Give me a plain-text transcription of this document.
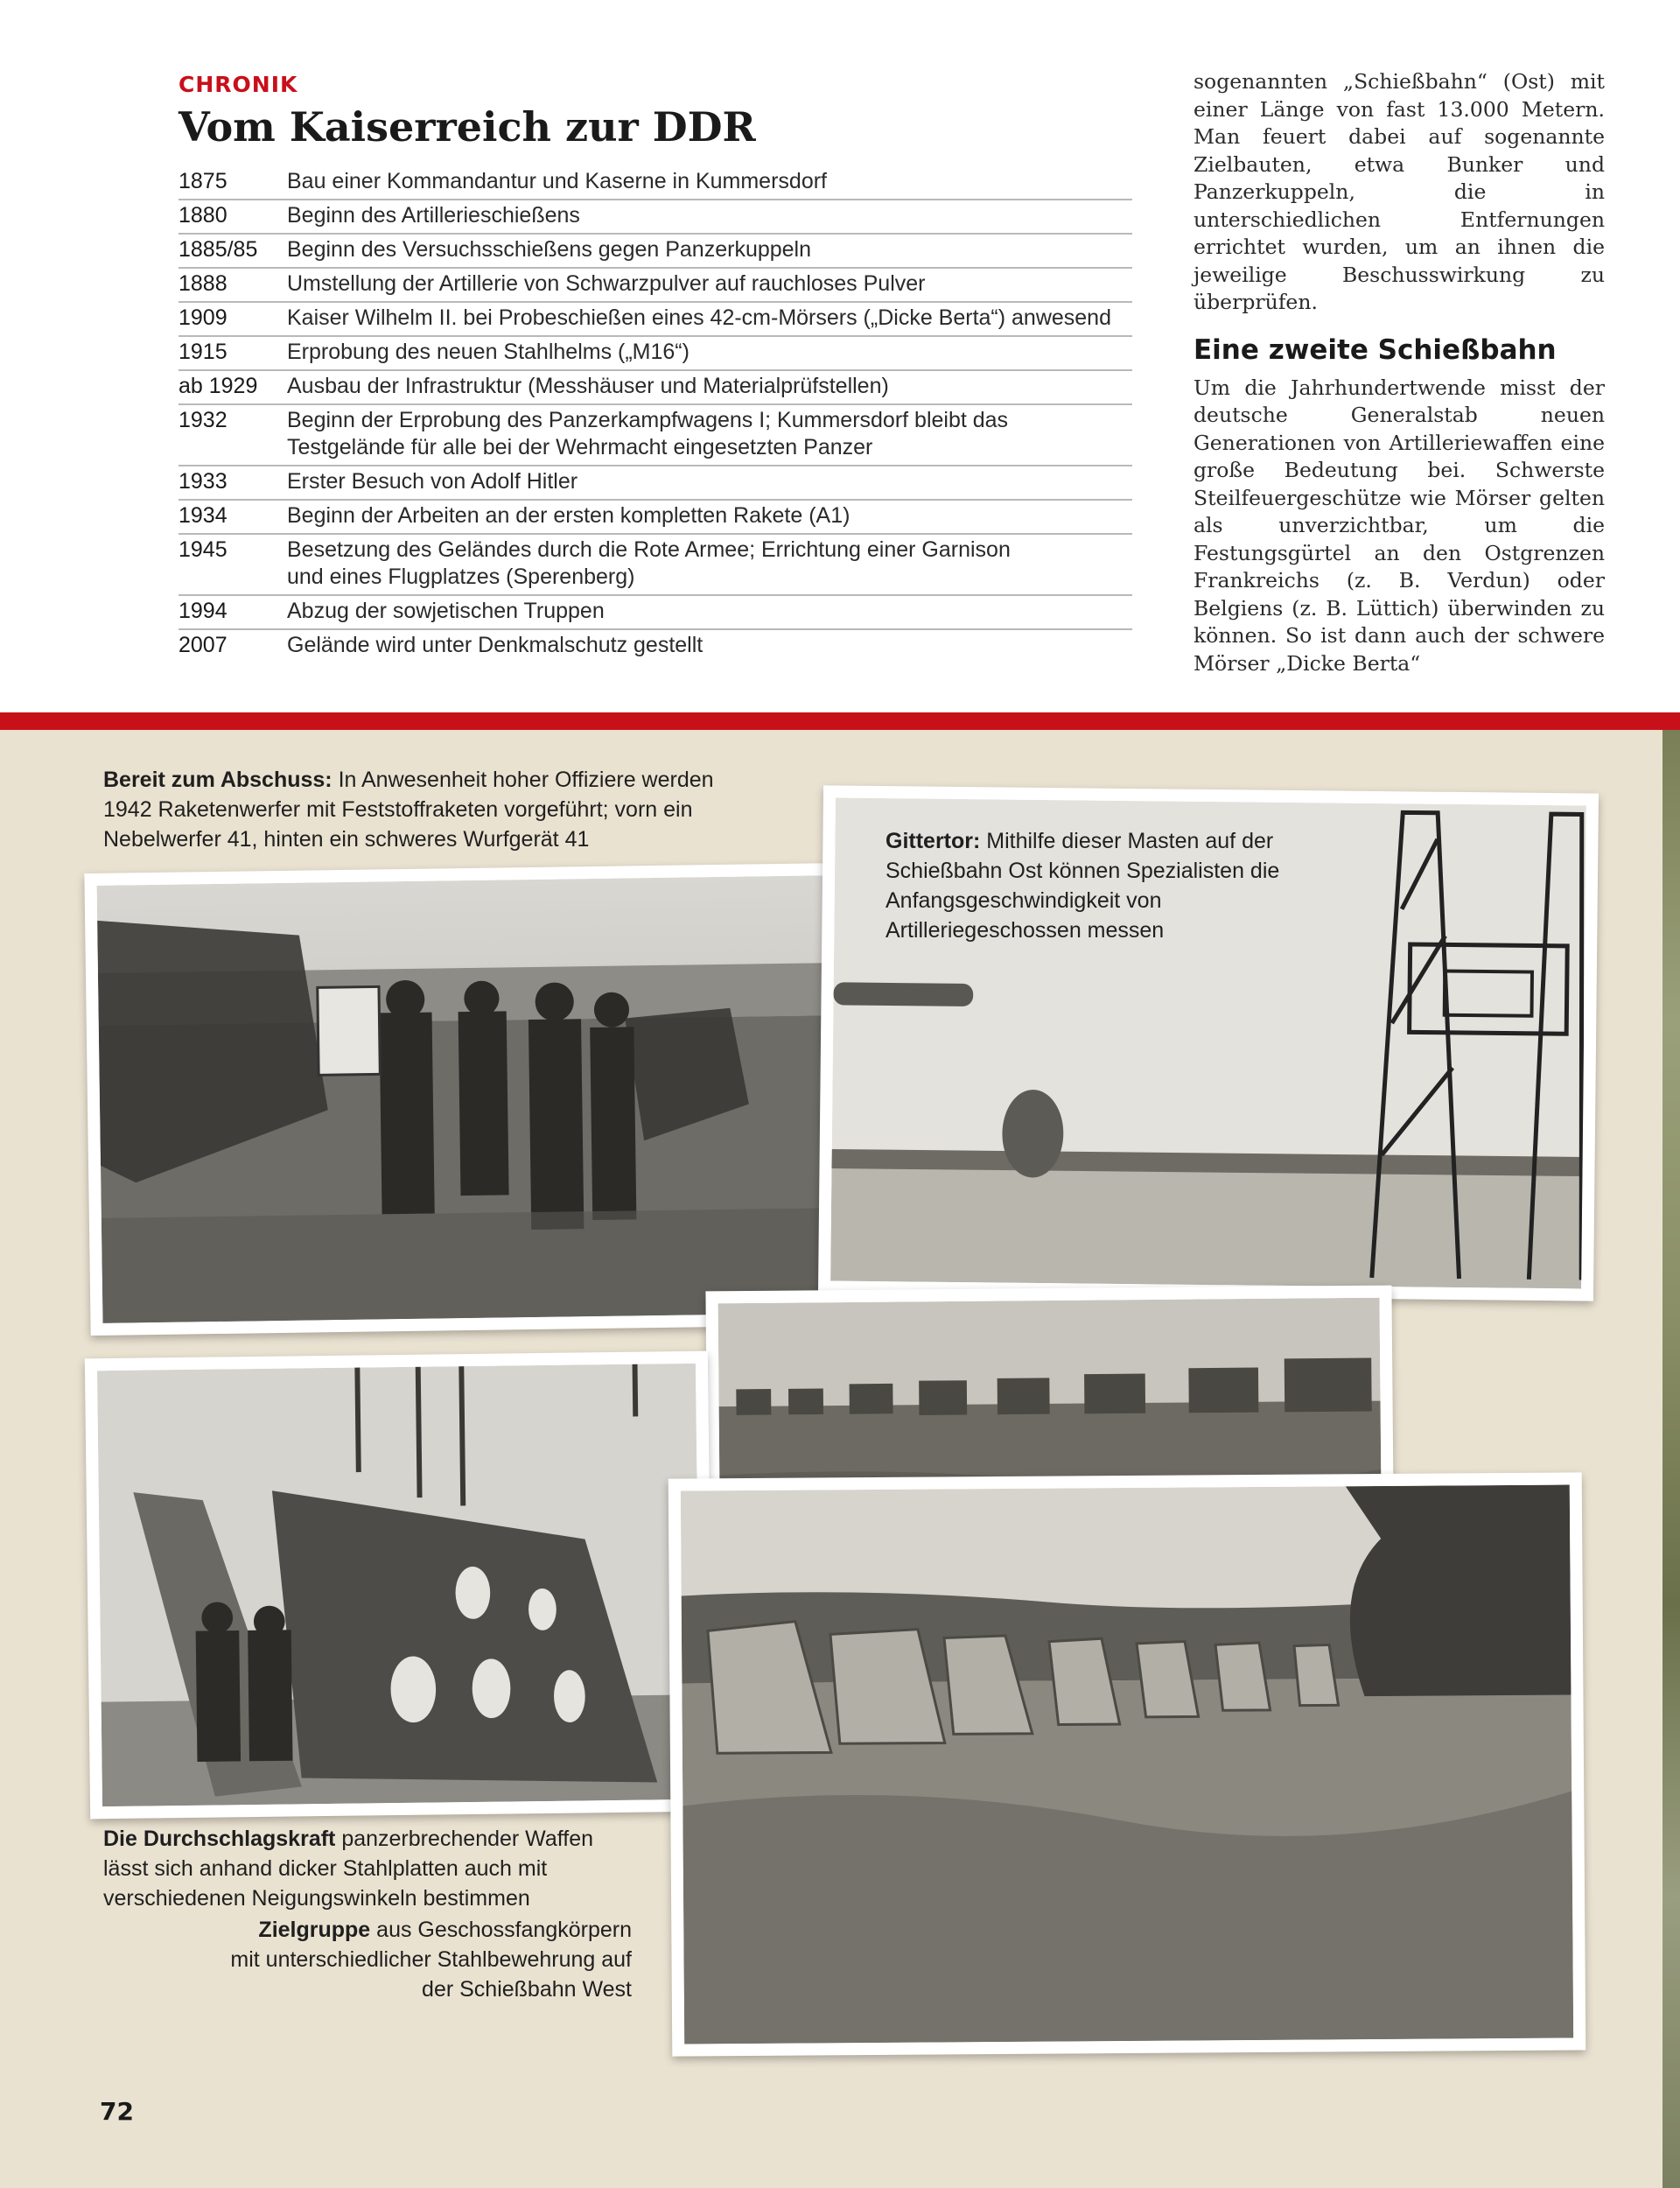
CHRONIK
Vom Kaiserreich zur DDR
1875	Bau einer Kommandantur und Kaserne in Kummersdorf
1880	Beginn des Artillerieschießens
1885/85	Beginn des Versuchsschießens gegen Panzerkuppeln
1888	Umstellung der Artillerie von Schwarzpulver auf rauchloses Pulver
1909	Kaiser Wilhelm II. bei Probeschießen eines 42-cm-Mörsers („Dicke Berta“) anwesend
1915	Erprobung des neuen Stahlhelms („M16“)
ab 1929	Ausbau der Infrastruktur (Messhäuser und Materialprüfstellen)
1932	Beginn der Erprobung des Panzerkampfwagens I; Kummersdorf bleibt das
Testgelände für alle bei der Wehrmacht eingesetzten Panzer
1933	Erster Besuch von Adolf Hitler
1934	Beginn der Arbeiten an der ersten kompletten Rakete (A1)
1945	Besetzung des Geländes durch die Rote Armee; Errichtung einer Garnison
und eines Flugplatzes (Sperenberg)
1994	Abzug der sowjetischen Truppen
2007	Gelände wird unter Denkmalschutz gestellt

sogenannten „Schießbahn“ (Ost) mit einer Länge von fast 13.000 Metern. Man feuert dabei auf sogenannte Zielbauten, etwa Bunker und Panzerkuppeln, die in unterschiedlichen Entfernungen errichtet wurden, um an ihnen die jeweilige Beschusswirkung zu überprüfen.

Eine zweite Schießbahn

Um die Jahrhundertwende misst der deutsche Generalstab neuen Generationen von Artilleriewaffen eine große Bedeutung bei. Schwerste Steilfeuergeschütze wie Mörser gelten als unverzichtbar, um die Festungsgürtel an den Ostgrenzen Frankreichs (z. B. Verdun) oder Belgiens (z. B. Lüttich) überwinden zu können. So ist dann auch der schwere Mörser „Dicke Berta“

Bereit zum Abschuss: In Anwesenheit hoher Offiziere werden 1942 Raketenwerfer mit Feststoffraketen vorgeführt; vorn ein Nebelwerfer 41, hinten ein schweres Wurfgerät 41	Gittertor: Mithilfe dieser Masten auf der Schießbahn Ost können Spezialisten die Anfangsgeschwindigkeit von Artilleriegeschossen messen
Die Durchschlagskraft panzerbrechender Waffen lässt sich anhand dicker Stahlplatten auch mit verschiedenen Neigungswinkeln bestimmen
Zielgruppe aus Geschossfangkörpern mit unterschiedlicher Stahlbewehrung auf der Schießbahn West
72
